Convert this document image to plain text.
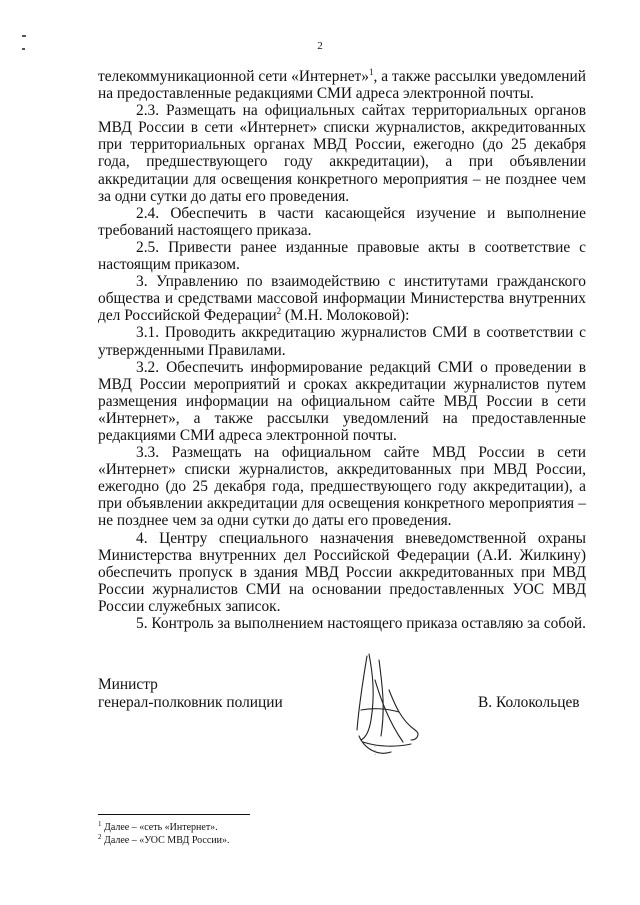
2

телекоммуникационной сети «Интернет»$^1$, а также рассылки уведомлений на предоставленные редакциями СМИ адреса электронной почты.

2.3. Размещать на официальных сайтах территориальных органов МВД России в сети «Интернет» списки журналистов, аккредитованных при территориальных органах МВД России, ежегодно (до 25 декабря года, предшествующего году аккредитации), а при объявлении аккредитации для освещения конкретного мероприятия – не позднее чем за одни сутки до даты его проведения.

2.4. Обеспечить в части касающейся изучение и выполнение требований настоящего приказа.

2.5. Привести ранее изданные правовые акты в соответствие с настоящим приказом.

3. Управлению по взаимодействию с институтами гражданского общества и средствами массовой информации Министерства внутренних дел Российской Федерации$^2$ (М.Н. Молоковой):

3.1. Проводить аккредитацию журналистов СМИ в соответствии с утвержденными Правилами.

3.2. Обеспечить информирование редакций СМИ о проведении в МВД России мероприятий и сроках аккредитации журналистов путем размещения информации на официальном сайте МВД России в сети «Интернет», а также рассылки уведомлений на предоставленные редакциями СМИ адреса электронной почты.

3.3. Размещать на официальном сайте МВД России в сети «Интернет» списки журналистов, аккредитованных при МВД России, ежегодно (до 25 декабря года, предшествующего году аккредитации), а при объявлении аккредитации для освещения конкретного мероприятия – не позднее чем за одни сутки до даты его проведения.

4. Центру специального назначения вневедомственной охраны Министерства внутренних дел Российской Федерации (А.И. Жилкину) обеспечить пропуск в здания МВД России аккредитованных при МВД России журналистов СМИ на основании предоставленных УОС МВД России служебных записок.

5. Контроль за выполнением настоящего приказа оставляю за собой.

Министр
генерал-полковник полиции	В. Колокольцев
$^1$ Далее – «сеть «Интернет».
$^2$ Далее – «УОС МВД России».
